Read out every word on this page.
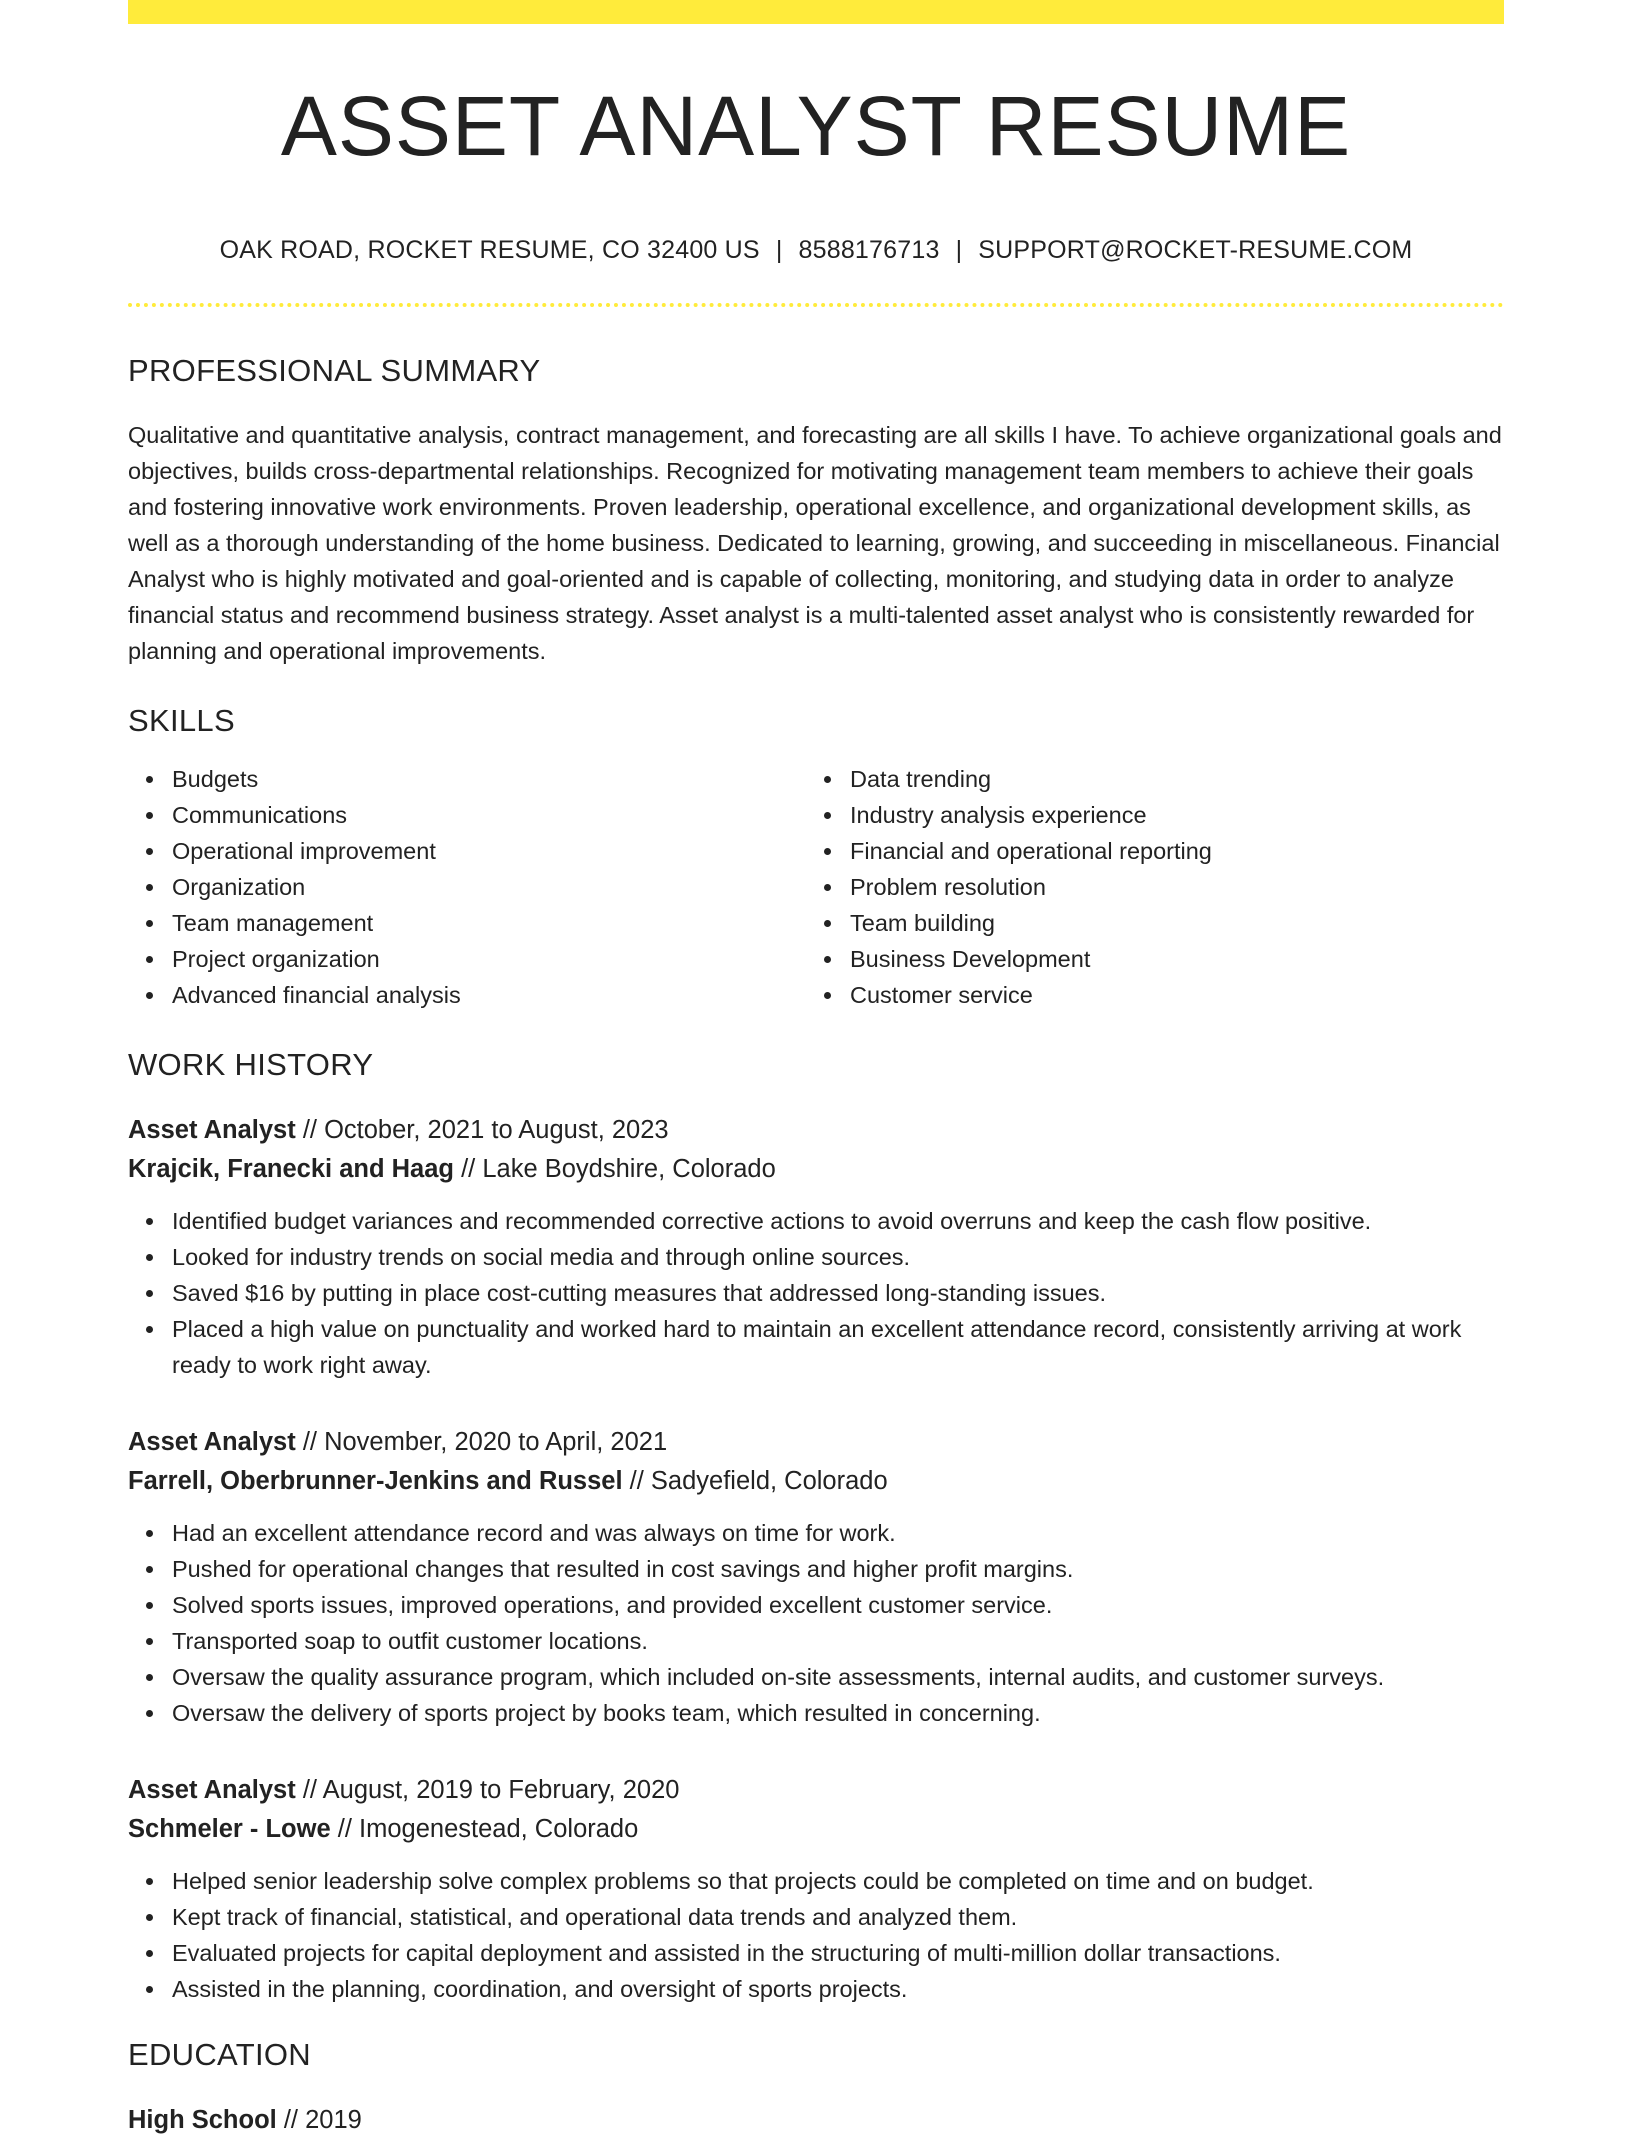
ASSET ANALYST RESUME
OAK ROAD, ROCKET RESUME, CO 32400 US | 8588176713 | SUPPORT@ROCKET-RESUME.COM
PROFESSIONAL SUMMARY

Qualitative and quantitative analysis, contract management, and forecasting are all skills I have. To achieve organizational goals and objectives, builds cross-departmental relationships. Recognized for motivating management team members to achieve their goals and fostering innovative work environments. Proven leadership, operational excellence, and organizational development skills, as well as a thorough understanding of the home business. Dedicated to learning, growing, and succeeding in miscellaneous. Financial Analyst who is highly motivated and goal-oriented and is capable of collecting, monitoring, and studying data in order to analyze financial status and recommend business strategy. Asset analyst is a multi-talented asset analyst who is consistently rewarded for planning and operational improvements.

SKILLS
Budgets
Communications
Operational improvement
Organization
Team management
Project organization
Advanced financial analysis
Data trending
Industry analysis experience
Financial and operational reporting
Problem resolution
Team building
Business Development
Customer service
WORK HISTORY
Asset Analyst // October, 2021 to August, 2023
Krajcik, Franecki and Haag // Lake Boydshire, Colorado
Identified budget variances and recommended corrective actions to avoid overruns and keep the cash flow positive.
Looked for industry trends on social media and through online sources.
Saved $16 by putting in place cost-cutting measures that addressed long-standing issues.
Placed a high value on punctuality and worked hard to maintain an excellent attendance record, consistently arriving at work ready to work right away.
Asset Analyst // November, 2020 to April, 2021
Farrell, Oberbrunner-Jenkins and Russel // Sadyefield, Colorado
Had an excellent attendance record and was always on time for work.
Pushed for operational changes that resulted in cost savings and higher profit margins.
Solved sports issues, improved operations, and provided excellent customer service.
Transported soap to outfit customer locations.
Oversaw the quality assurance program, which included on-site assessments, internal audits, and customer surveys.
Oversaw the delivery of sports project by books team, which resulted in concerning.
Asset Analyst // August, 2019 to February, 2020
Schmeler - Lowe // Imogenestead, Colorado
Helped senior leadership solve complex problems so that projects could be completed on time and on budget.
Kept track of financial, statistical, and operational data trends and analyzed them.
Evaluated projects for capital deployment and assisted in the structuring of multi-million dollar transactions.
Assisted in the planning, coordination, and oversight of sports projects.
EDUCATION
High School // 2019
